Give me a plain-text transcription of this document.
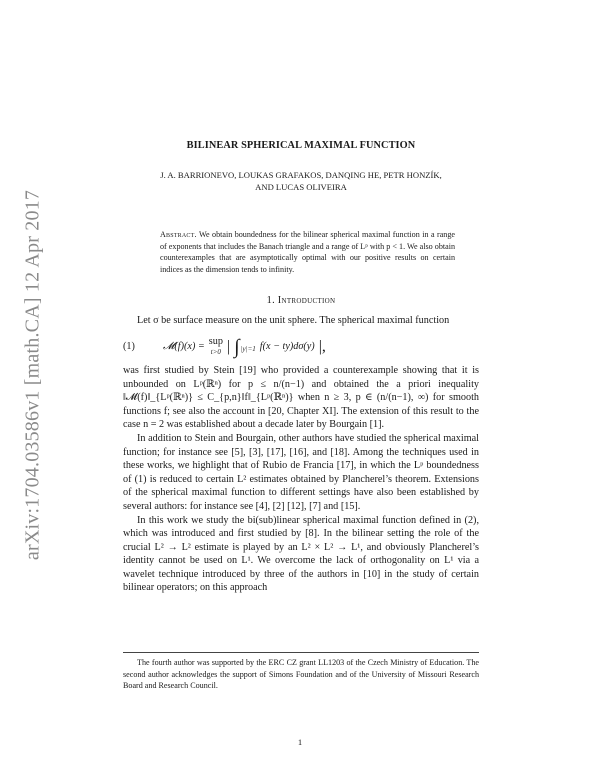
arXiv:1704.03586v1 [math.CA] 12 Apr 2017
BILINEAR SPHERICAL MAXIMAL FUNCTION
J. A. BARRIONEVO, LOUKAS GRAFAKOS, DANQING HE, PETR HONZÍK,
AND LUCAS OLIVEIRA
Abstract. We obtain boundedness for the bilinear spherical maximal function in a range of exponents that includes the Banach triangle and a range of Lᵖ with p < 1. We also obtain counterexamples that are asymptotically optimal with our positive results on certain indices as the dimension tends to infinity.
1. Introduction

Let σ be surface measure on the unit sphere. The spherical maximal function

(1)	𝓜(f)(x) = sup
t>0 | ∫ |y|=1 f(x − ty)dσ(y) |,

was first studied by Stein [19] who provided a counterexample showing that it is unbounded on Lᵖ(ℝⁿ) for p ≤ n/(n−1) and obtained the a priori inequality ‖𝓜(f)‖_{Lᵖ(ℝⁿ)} ≤ C_{p,n}‖f‖_{Lᵖ(ℝⁿ)} when n ≥ 3, p ∈ (n/(n−1), ∞) for smooth functions f; see also the account in [20, Chapter XI]. The extension of this result to the case n = 2 was established about a decade later by Bourgain [1].

In addition to Stein and Bourgain, other authors have studied the spherical maximal function; for instance see [5], [3], [17], [16], and [18]. Among the techniques used in these works, we highlight that of Rubio de Francia [17], in which the Lᵖ boundedness of (1) is reduced to certain L² estimates obtained by Plancherel’s theorem. Extensions of the spherical maximal function to different settings have also been established by several authors: for instance see [4], [2] [12], [7] and [15].

In this work we study the bi(sub)linear spherical maximal function defined in (2), which was introduced and first studied by [8]. In the bilinear setting the role of the crucial L² → L² estimate is played by an L² × L² → L¹, and obviously Plancherel’s identity cannot be used on L¹. We overcome the lack of orthogonality on L¹ via a wavelet technique introduced by three of the authors in [10] in the study of certain bilinear operators; on this approach

The fourth author was supported by the ERC CZ grant LL1203 of the Czech Ministry of Education. The second author acknowledges the support of Simons Foundation and of the University of Missouri Research Board and Research Council.
1
